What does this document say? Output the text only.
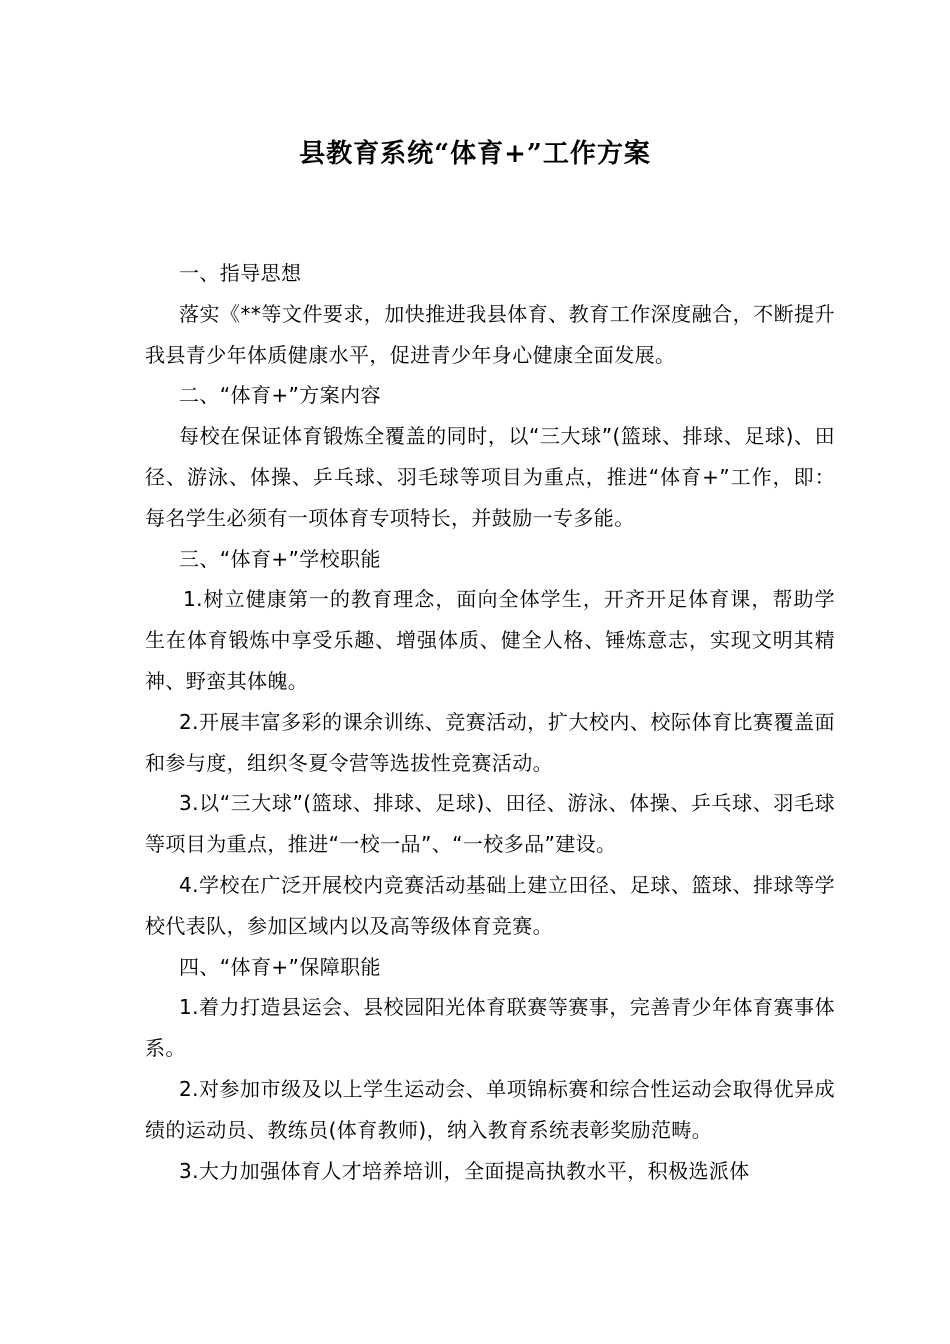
县教育系统“体育+”工作方案

一、指导思想

落实《**等文件要求，加快推进我县体育、教育工作深度融合，不断提升我县青少年体质健康水平，促进青少年身心健康全面发展。

二、“体育+”方案内容

每校在保证体育锻炼全覆盖的同时，以“三大球”(篮球、排球、足球)、田径、游泳、体操、乒乓球、羽毛球等项目为重点，推进“体育+”工作，即：每名学生必须有一项体育专项特长，并鼓励一专多能。

三、“体育+”学校职能

1.树立健康第一的教育理念，面向全体学生，开齐开足体育课，帮助学生在体育锻炼中享受乐趣、增强体质、健全人格、锤炼意志，实现文明其精神、野蛮其体魄。

2.开展丰富多彩的课余训练、竞赛活动，扩大校内、校际体育比赛覆盖面和参与度，组织冬夏令营等选拔性竞赛活动。

3.以“三大球”(篮球、排球、足球)、田径、游泳、体操、乒乓球、羽毛球等项目为重点，推进“一校一品”、“一校多品”建设。

4.学校在广泛开展校内竞赛活动基础上建立田径、足球、篮球、排球等学校代表队，参加区域内以及高等级体育竞赛。

四、“体育+”保障职能

1.着力打造县运会、县校园阳光体育联赛等赛事，完善青少年体育赛事体系。

2.对参加市级及以上学生运动会、单项锦标赛和综合性运动会取得优异成绩的运动员、教练员(体育教师)，纳入教育系统表彰奖励范畴。

3.大力加强体育人才培养培训，全面提高执教水平，积极选派体
